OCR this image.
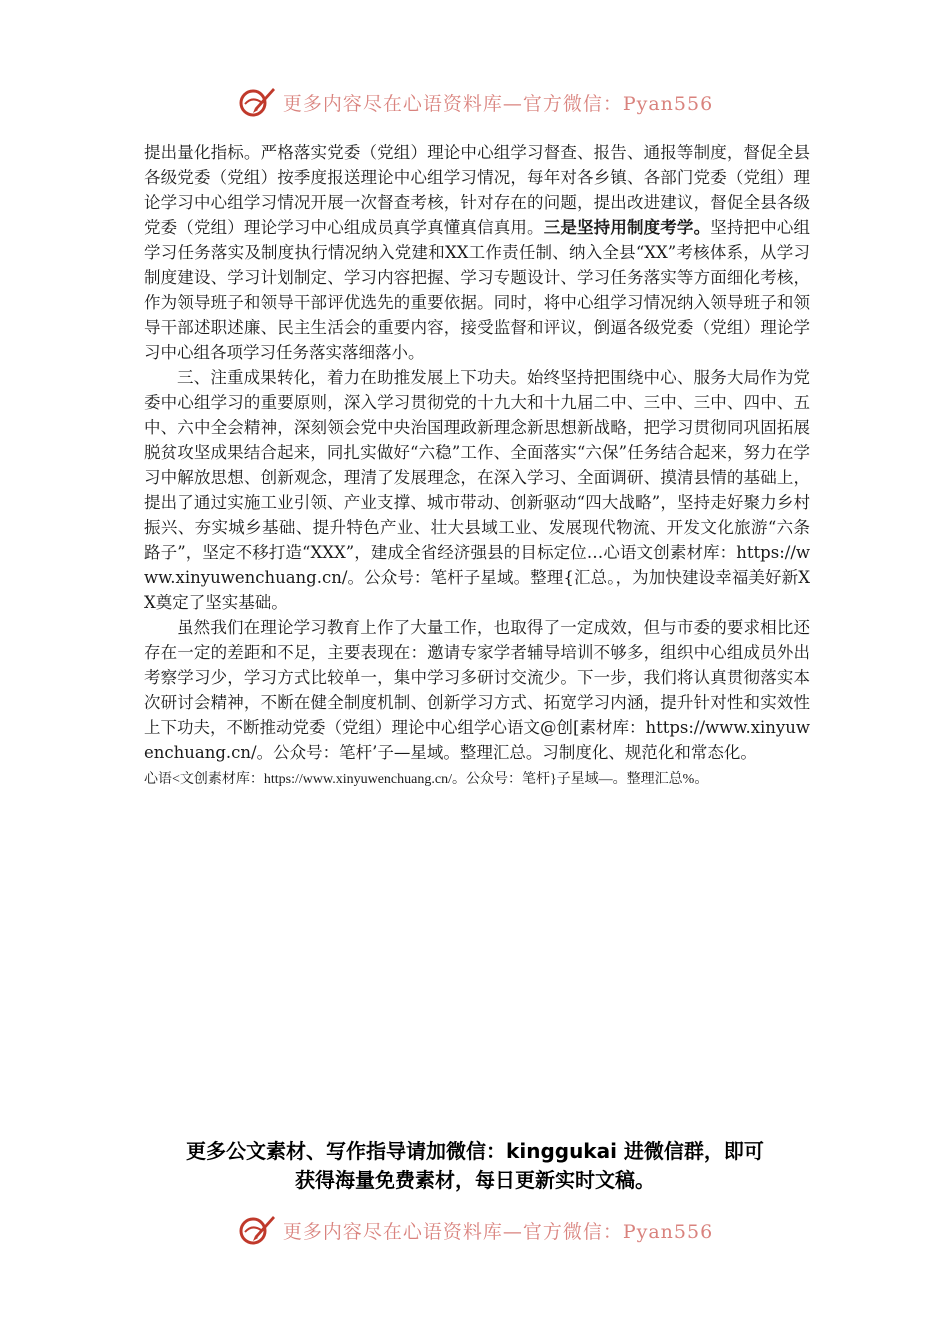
更多内容尽在心语资料库—官方微信：Pyan556

提出量化指标。严格落实党委（党组）理论中心组学习督查、报告、通报等制度，督促全县各级党委（党组）按季度报送理论中心组学习情况，每年对各乡镇、各部门党委（党组）理论学习中心组学习情况开展一次督查考核，针对存在的问题，提出改进建议，督促全县各级党委（党组）理论学习中心组成员真学真懂真信真用。三是坚持用制度考学。坚持把中心组学习任务落实及制度执行情况纳入党建和XX工作责任制、纳入全县“XX”考核体系，从学习制度建设、学习计划制定、学习内容把握、学习专题设计、学习任务落实等方面细化考核，作为领导班子和领导干部评优选先的重要依据。同时，将中心组学习情况纳入领导班子和领导干部述职述廉、民主生活会的重要内容，接受监督和评议，倒逼各级党委（党组）理论学习中心组各项学习任务落实落细落小。

三、注重成果转化，着力在助推发展上下功夫。始终坚持把围绕中心、服务大局作为党委中心组学习的重要原则，深入学习贯彻党的十九大和十九届二中、三中、三中、四中、五中、六中全会精神，深刻领会党中央治国理政新理念新思想新战略，把学习贯彻同巩固拓展脱贫攻坚成果结合起来，同扎实做好“六稳”工作、全面落实“六保”任务结合起来，努力在学习中解放思想、创新观念，理清了发展理念，在深入学习、全面调研、摸清县情的基础上，提出了通过实施工业引领、产业支撑、城市带动、创新驱动“四大战略”，坚持走好聚力乡村振兴、夯实城乡基础、提升特色产业、壮大县域工业、发展现代物流、开发文化旅游“六条路子”，坚定不移打造“XXX”，建成全省经济强县的目标定位…心语文创素材库：https://www.xinyuwenchuang.cn/。公众号：笔杆子星域。整理{汇总。，为加快建设幸福美好新XX奠定了坚实基础。

虽然我们在理论学习教育上作了大量工作，也取得了一定成效，但与市委的要求相比还存在一定的差距和不足，主要表现在：邀请专家学者辅导培训不够多，组织中心组成员外出考察学习少，学习方式比较单一，集中学习多研讨交流少。下一步，我们将认真贯彻落实本次研讨会精神，不断在健全制度机制、创新学习方式、拓宽学习内涵，提升针对性和实效性上下功夫，不断推动党委（党组）理论中心组学心语文@创[素材库：https://www.xinyuwenchuang.cn/。公众号：笔杆’子—星域。整理汇总。习制度化、规范化和常态化。

心语<文创素材库：https://www.xinyuwenchuang.cn/。公众号：笔杆}子星域—。整理汇总%。
更多公文素材、写作指导请加微信：kinggukai 进微信群，即可
获得海量免费素材，每日更新实时文稿。
更多内容尽在心语资料库—官方微信：Pyan556
